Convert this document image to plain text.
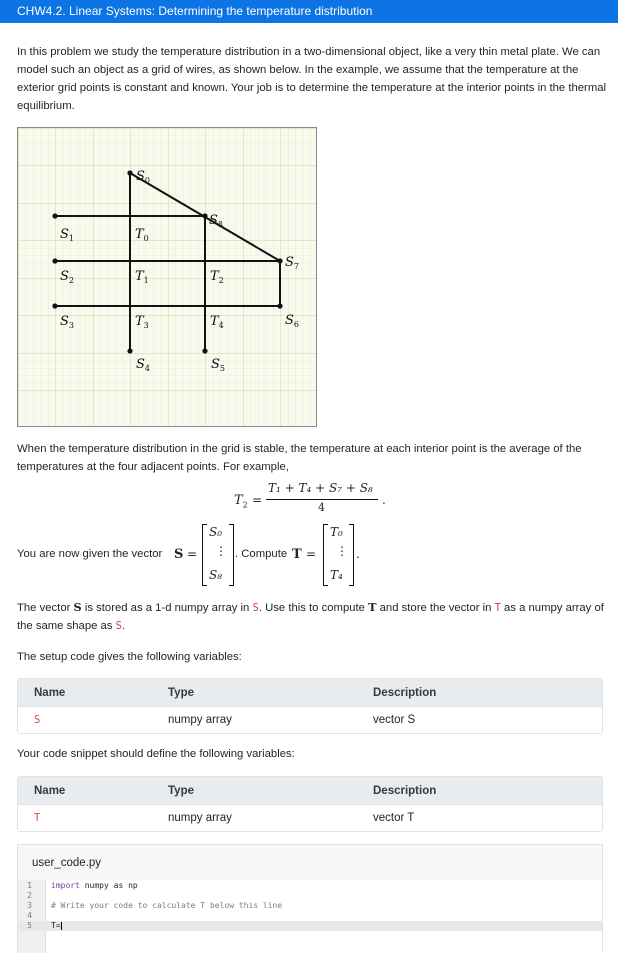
CHW4.2. Linear Systems: Determining the temperature distribution
In this problem we study the temperature distribution in a two-dimensional object, like a very thin metal plate. We can model such an object as a grid of wires, as shown below. In the example, we assume that the temperature at the exterior grid points is constant and known. Your job is to determine the temperature at the interior points in the thermal equilibrium.
$S_0$
$S_1$
$S_2$
$S_3$
$S_4$	$S_5$
$S_6$
$S_7$
$S_8$
$T_0$
$T_1$	$T_2$
$T_3$	$T_4$
When the temperature distribution in the grid is stable, the temperature at each interior point is the average of the temperatures at the four adjacent points. For example,
$T_2$ =
T₁ + T₄ + S₇ + S₈
4
.
You are now given the vector S =
S₀
⋮
S₈
. Compute T =
T₀
⋮
T₄
.
The vector S is stored as a 1-d numpy array in S. Use this to compute T and store the vector in T as a numpy array of the same shape as S.
The setup code gives the following variables:
Name	Type	Description
S	numpy array	vector S
Your code snippet should define the following variables:
Name	Type	Description
T	numpy array	vector T
user_code.py
1 import numpy as np
2
3 # Write your code to calculate T below this line
4
5 T=
